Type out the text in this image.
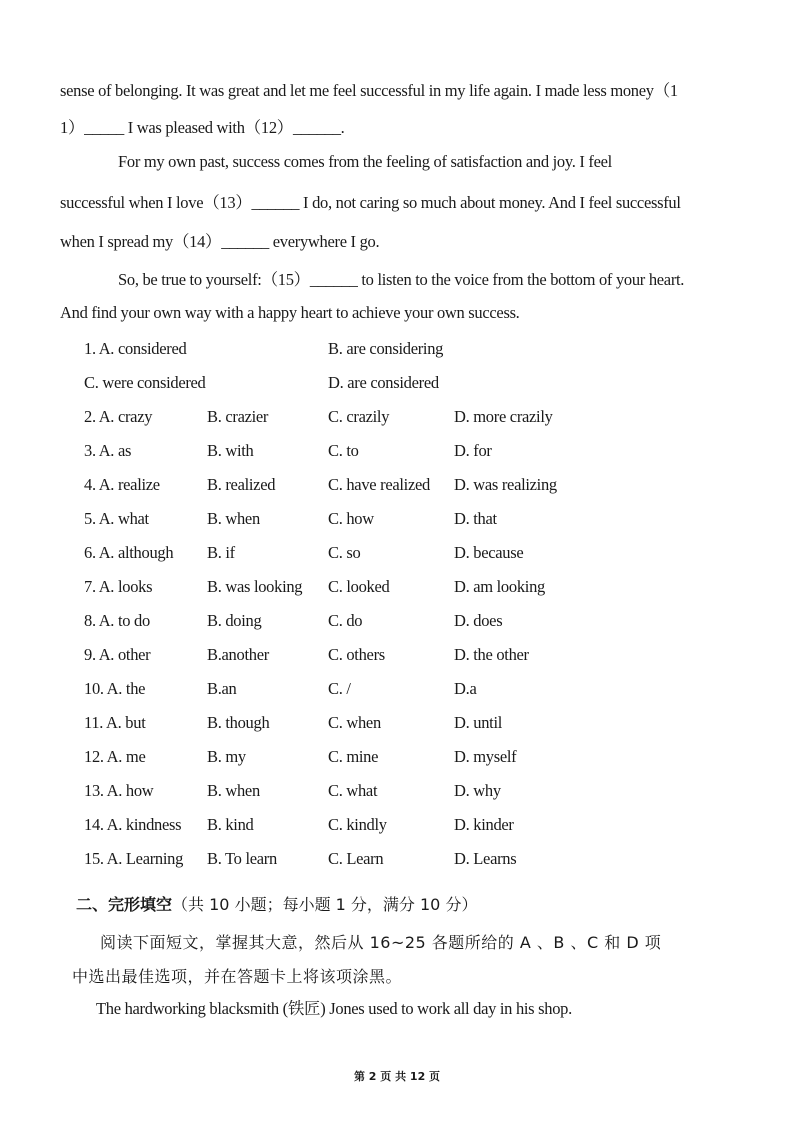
sense of belonging. It was great and let me feel successful in my life again. I made less money（1
1）_____ I was pleased with（12）______.
For my own past, success comes from the feeling of satisfaction and joy. I feel
successful when I love（13）______ I do, not caring so much about money. And I feel successful
when I spread my（14）______ everywhere I go.
So, be true to yourself:（15）______ to listen to the voice from the bottom of your heart.
And find your own way with a happy heart to achieve your own success.
1. A. considered	B. are considering
C. were considered	D. are considered
2. A. crazy	B. crazier	C. crazily	D. more crazily
3. A. as	B. with	C. to	D. for
4. A. realize	B. realized	C. have realized D. was realizing
5. A. what	B. when	C. how	D. that
6. A. although B. if	C. so	D. because
7. A. looks	B. was looking C. looked	D. am looking
8. A. to do	B. doing	C. do	D. does
9. A. other	B.another	C. others	D. the other
10. A. the	B.an	C. /	D.a
11. A. but	B. though	C. when	D. until
12. A. me	B. my	C. mine	D. myself
13. A. how	B. when	C. what	D. why
14. A. kindness B. kind	C. kindly	D. kinder
15. A. Learning B. To learn	C. Learn	D. Learns
二、完形填空（共 10 小题；每小题 1 分，满分 10 分）
阅读下面短文，掌握其大意，然后从 16~25 各题所给的 A 、B 、C 和 D 项
中选出最佳选项，并在答题卡上将该项涂黑。
The hardworking blacksmith (铁匠) Jones used to work all day in his shop.
第 2 页 共 12 页
